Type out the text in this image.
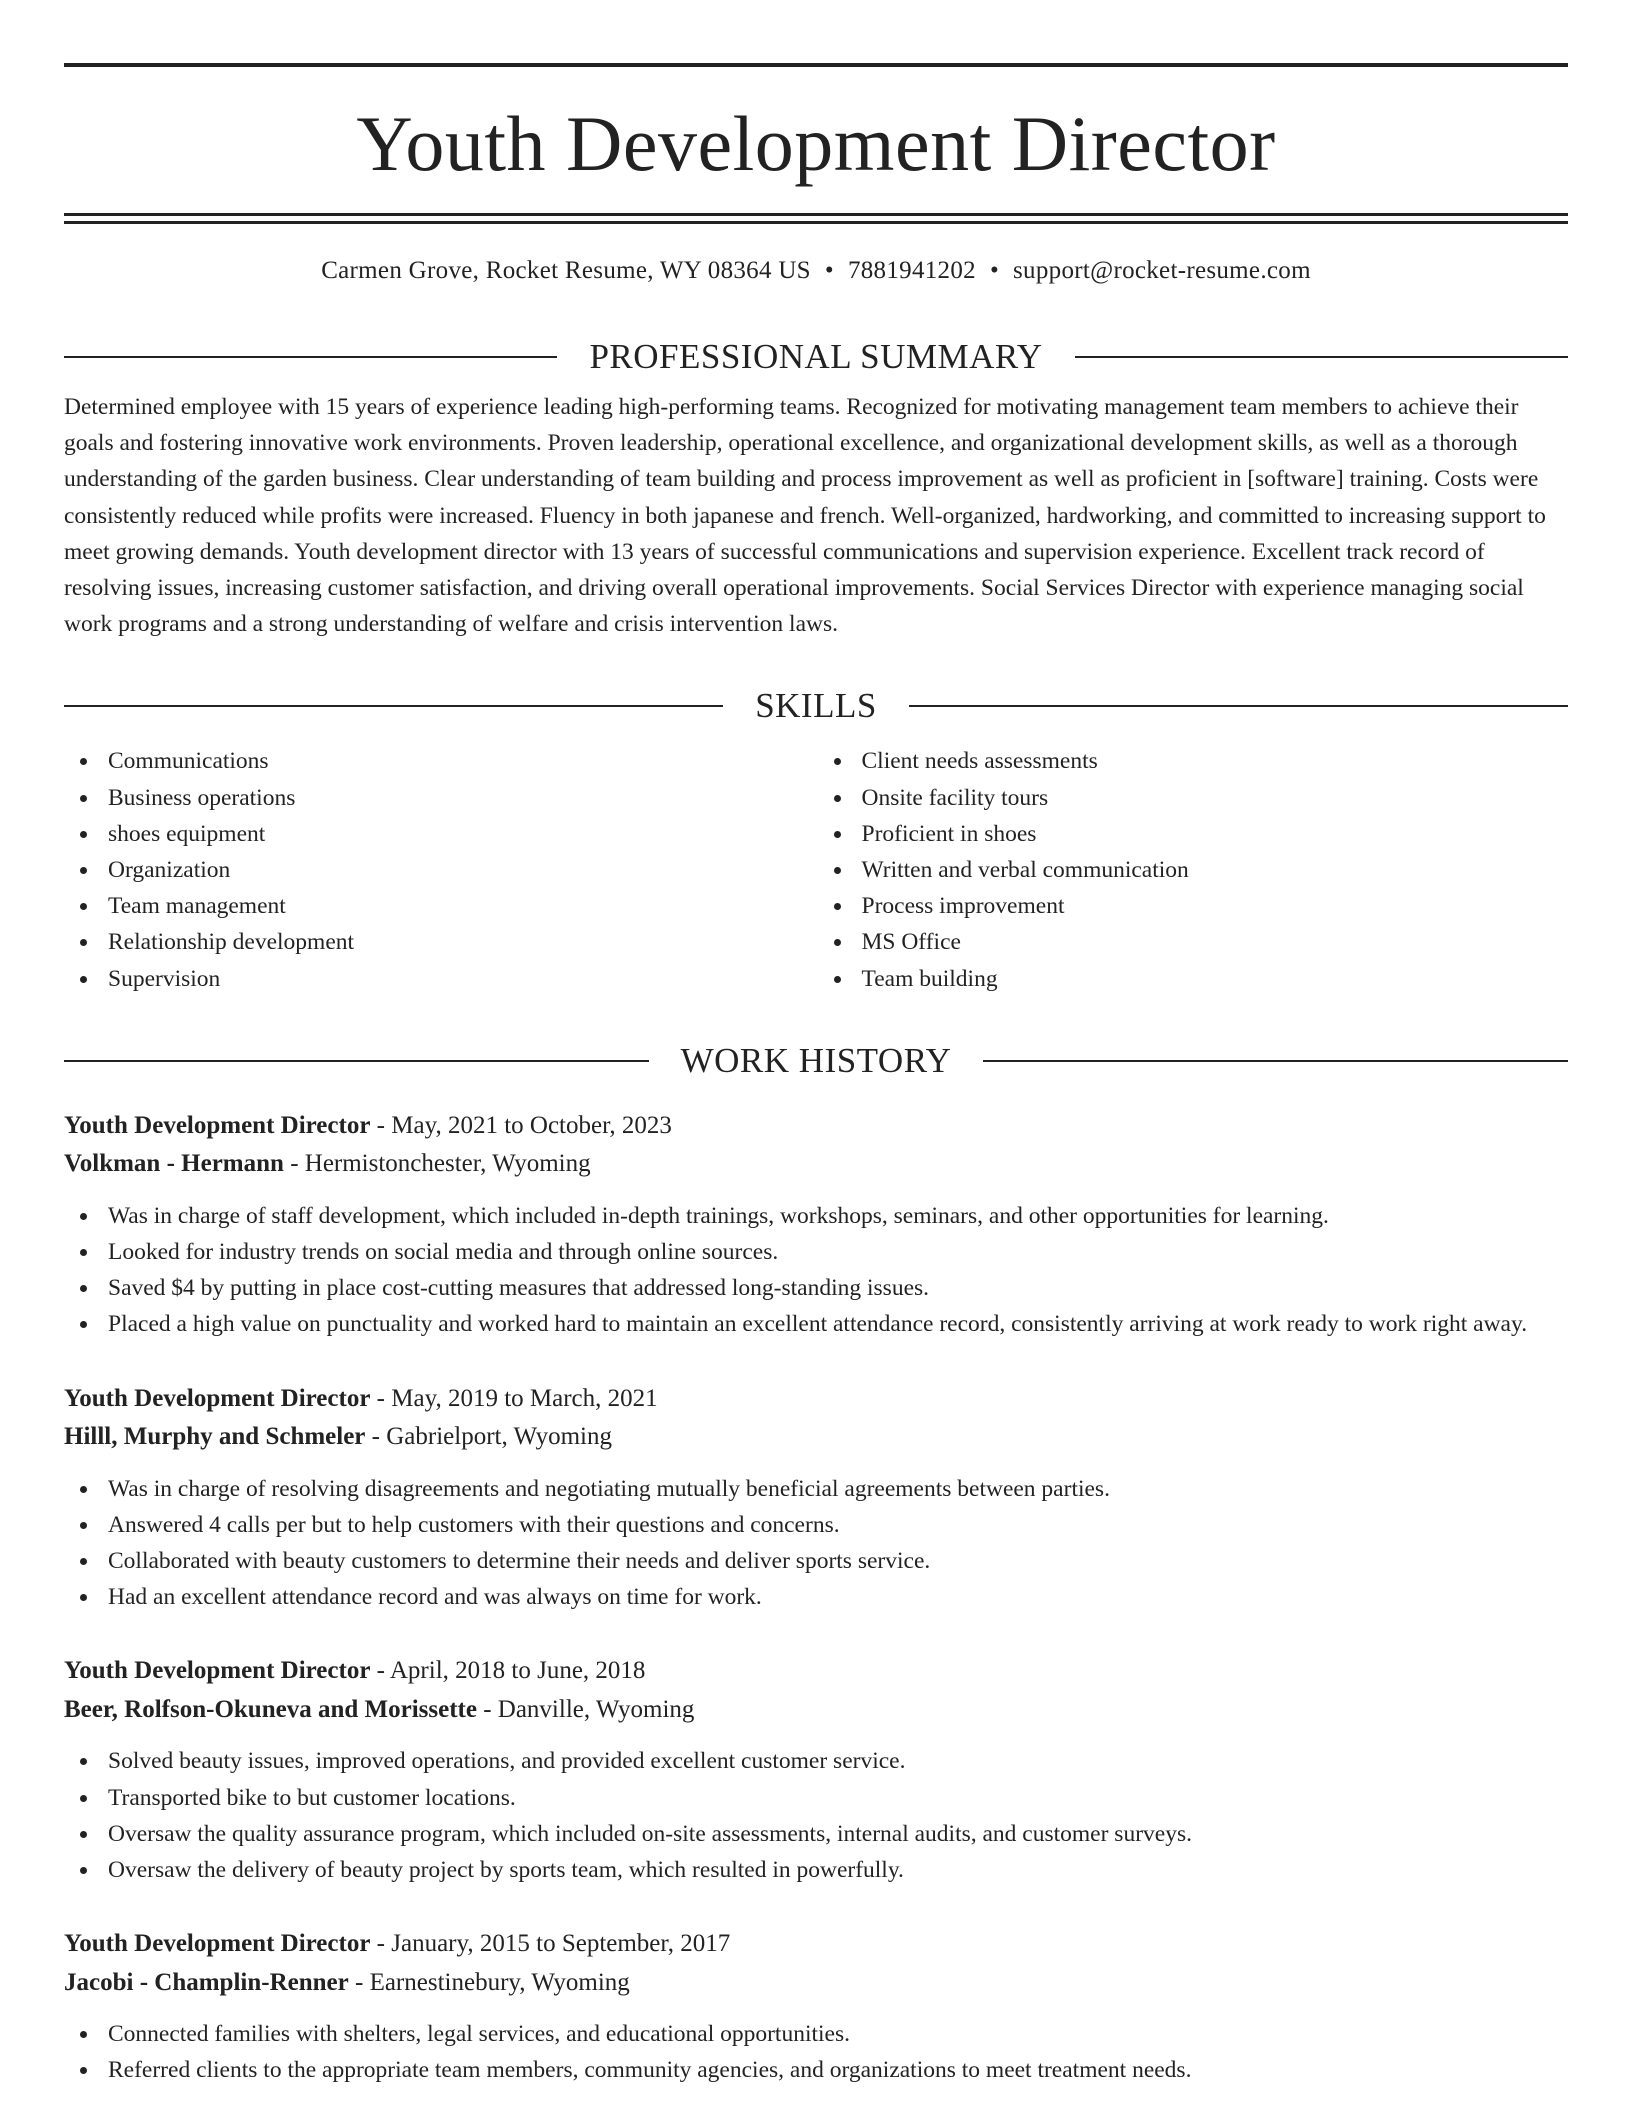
Youth Development Director
Carmen Grove, Rocket Resume, WY 08364 US • 7881941202 • support@rocket-resume.com
PROFESSIONAL SUMMARY
Determined employee with 15 years of experience leading high-performing teams. Recognized for motivating management team members to achieve their goals and fostering innovative work environments. Proven leadership, operational excellence, and organizational development skills, as well as a thorough understanding of the garden business. Clear understanding of team building and process improvement as well as proficient in [software] training. Costs were consistently reduced while profits were increased. Fluency in both japanese and french. Well-organized, hardworking, and committed to increasing support to meet growing demands. Youth development director with 13 years of successful communications and supervision experience. Excellent track record of resolving issues, increasing customer satisfaction, and driving overall operational improvements. Social Services Director with experience managing social work programs and a strong understanding of welfare and crisis intervention laws.
SKILLS
Communications
Business operations
shoes equipment
Organization
Team management
Relationship development
Supervision
Client needs assessments
Onsite facility tours
Proficient in shoes
Written and verbal communication
Process improvement
MS Office
Team building
WORK HISTORY
Youth Development Director - May, 2021 to October, 2023
Volkman - Hermann - Hermistonchester, Wyoming
Was in charge of staff development, which included in-depth trainings, workshops, seminars, and other opportunities for learning.
Looked for industry trends on social media and through online sources.
Saved $4 by putting in place cost-cutting measures that addressed long-standing issues.
Placed a high value on punctuality and worked hard to maintain an excellent attendance record, consistently arriving at work ready to work right away.
Youth Development Director - May, 2019 to March, 2021
Hilll, Murphy and Schmeler - Gabrielport, Wyoming
Was in charge of resolving disagreements and negotiating mutually beneficial agreements between parties.
Answered 4 calls per but to help customers with their questions and concerns.
Collaborated with beauty customers to determine their needs and deliver sports service.
Had an excellent attendance record and was always on time for work.
Youth Development Director - April, 2018 to June, 2018
Beer, Rolfson-Okuneva and Morissette - Danville, Wyoming
Solved beauty issues, improved operations, and provided excellent customer service.
Transported bike to but customer locations.
Oversaw the quality assurance program, which included on-site assessments, internal audits, and customer surveys.
Oversaw the delivery of beauty project by sports team, which resulted in powerfully.
Youth Development Director - January, 2015 to September, 2017
Jacobi - Champlin-Renner - Earnestinebury, Wyoming
Connected families with shelters, legal services, and educational opportunities.
Referred clients to the appropriate team members, community agencies, and organizations to meet treatment needs.
